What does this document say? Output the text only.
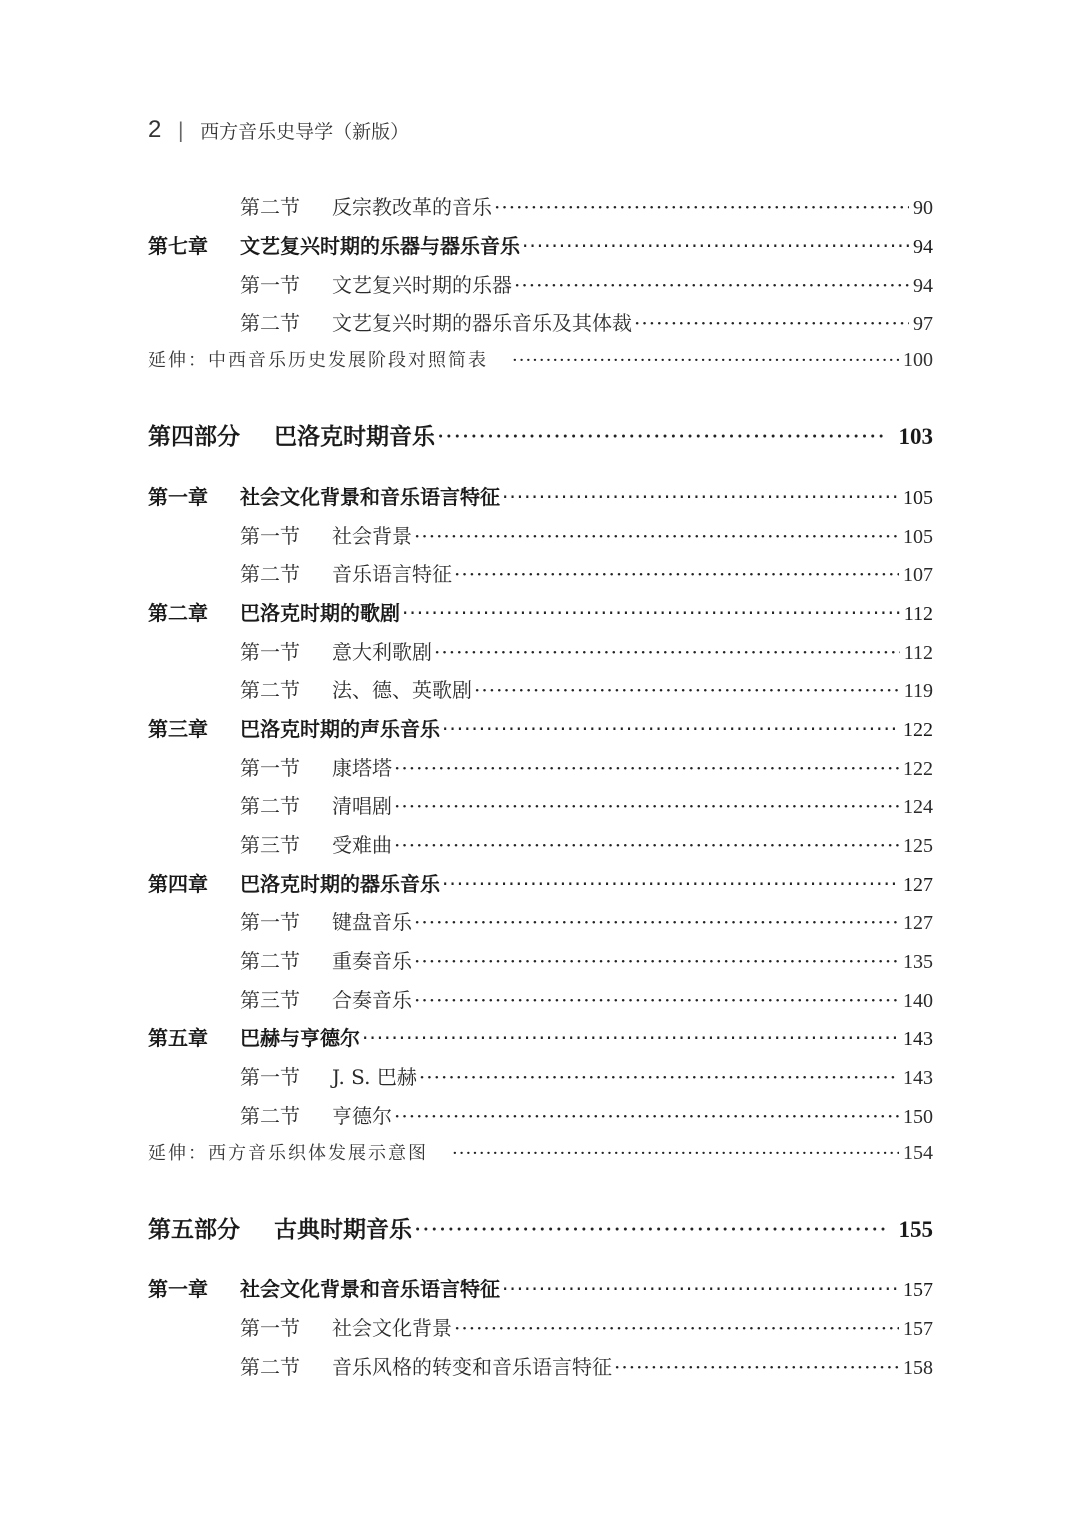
2 | 西方音乐史导学（新版）
第二节	反宗教改革的音乐 ·····	90
第七章	文艺复兴时期的乐器与器乐音乐 ·····	94
第一节	文艺复兴时期的乐器 ·····	94
第二节	文艺复兴时期的器乐音乐及其体裁 ·····	97
延伸：中西音乐历史发展阶段对照简表 ·····	100
第四部分	巴洛克时期音乐 ·····	103
第一章	社会文化背景和音乐语言特征 ·····	105
第一节	社会背景 ·····	105
第二节	音乐语言特征 ·····	107
第二章	巴洛克时期的歌剧 ·····	112
第一节	意大利歌剧 ·····	112
第二节	法、德、英歌剧 ·····	119
第三章	巴洛克时期的声乐音乐 ·····	122
第一节	康塔塔 ·····	122
第二节	清唱剧 ·····	124
第三节	受难曲 ·····	125
第四章	巴洛克时期的器乐音乐 ·····	127
第一节	键盘音乐 ·····	127
第二节	重奏音乐 ·····	135
第三节	合奏音乐 ·····	140
第五章	巴赫与亨德尔 ·····	143
第一节	J. S. 巴赫 ·····	143
第二节	亨德尔 ·····	150
延伸：西方音乐织体发展示意图 ·····	154
第五部分	古典时期音乐 ·····	155
第一章	社会文化背景和音乐语言特征 ·····	157
第一节	社会文化背景 ·····	157
第二节	音乐风格的转变和音乐语言特征 ·····	158
